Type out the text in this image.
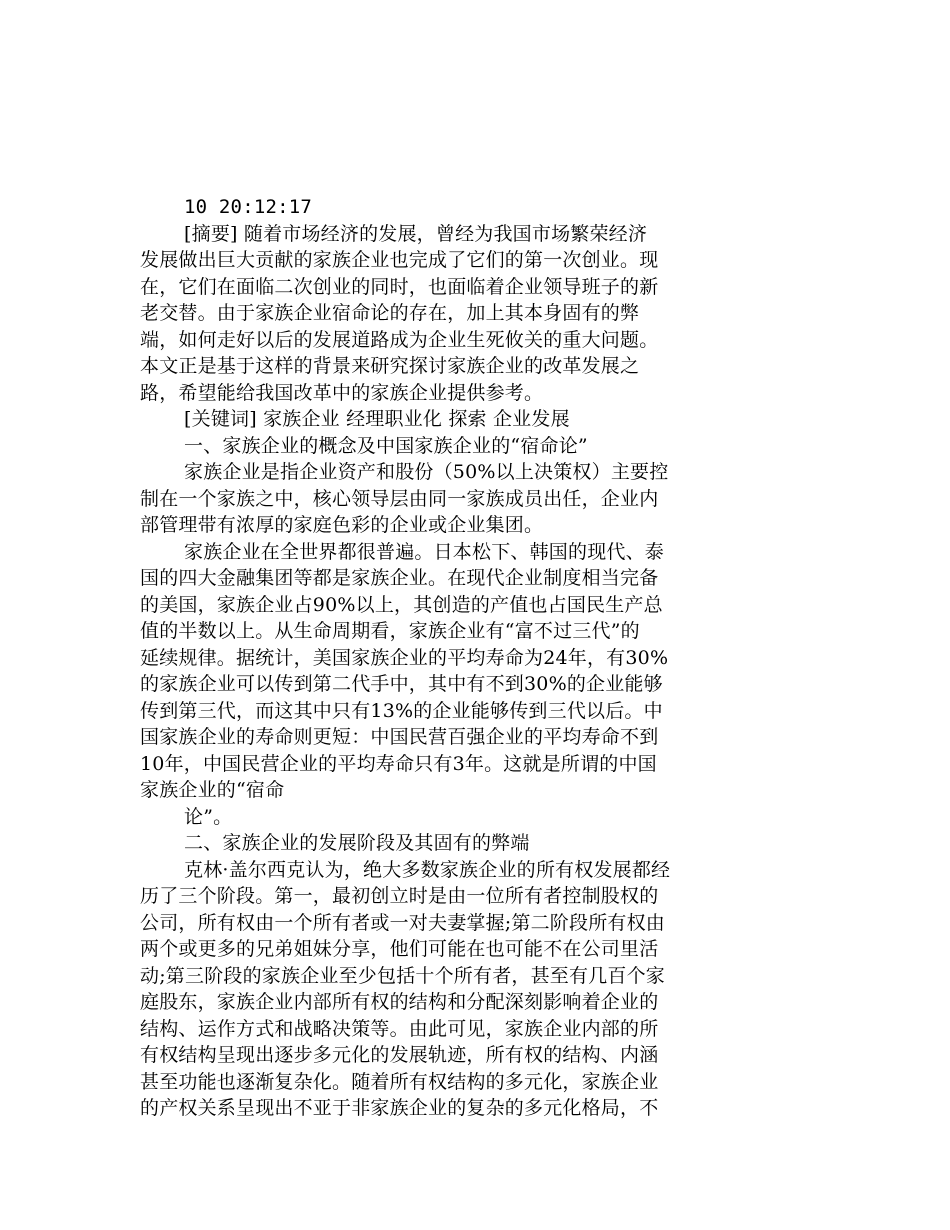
10 20:12:17
[摘要] 随着市场经济的发展，曾经为我国市场繁荣经济
发展做出巨大贡献的家族企业也完成了它们的第一次创业。现
在，它们在面临二次创业的同时，也面临着企业领导班子的新
老交替。由于家族企业宿命论的存在，加上其本身固有的弊
端，如何走好以后的发展道路成为企业生死攸关的重大问题。
本文正是基于这样的背景来研究探讨家族企业的改革发展之
路，希望能给我国改革中的家族企业提供参考。
[关键词] 家族企业 经理职业化 探索 企业发展
一、家族企业的概念及中国家族企业的“宿命论”
家族企业是指企业资产和股份（50%以上决策权）主要控
制在一个家族之中，核心领导层由同一家族成员出任，企业内
部管理带有浓厚的家庭色彩的企业或企业集团。
家族企业在全世界都很普遍。日本松下、韩国的现代、泰
国的四大金融集团等都是家族企业。在现代企业制度相当完备
的美国，家族企业占90%以上，其创造的产值也占国民生产总
值的半数以上。从生命周期看，家族企业有“富不过三代”的
延续规律。据统计，美国家族企业的平均寿命为24年，有30%
的家族企业可以传到第二代手中，其中有不到30%的企业能够
传到第三代，而这其中只有13%的企业能够传到三代以后。中
国家族企业的寿命则更短：中国民营百强企业的平均寿命不到
10年，中国民营企业的平均寿命只有3年。这就是所谓的中国
家族企业的“宿命
论”。
二、家族企业的发展阶段及其固有的弊端
克林·盖尔西克认为，绝大多数家族企业的所有权发展都经
历了三个阶段。第一，最初创立时是由一位所有者控制股权的
公司，所有权由一个所有者或一对夫妻掌握;第二阶段所有权由
两个或更多的兄弟姐妹分享，他们可能在也可能不在公司里活
动;第三阶段的家族企业至少包括十个所有者，甚至有几百个家
庭股东，家族企业内部所有权的结构和分配深刻影响着企业的
结构、运作方式和战略决策等。由此可见，家族企业内部的所
有权结构呈现出逐步多元化的发展轨迹，所有权的结构、内涵
甚至功能也逐渐复杂化。随着所有权结构的多元化，家族企业
的产权关系呈现出不亚于非家族企业的复杂的多元化格局，不
